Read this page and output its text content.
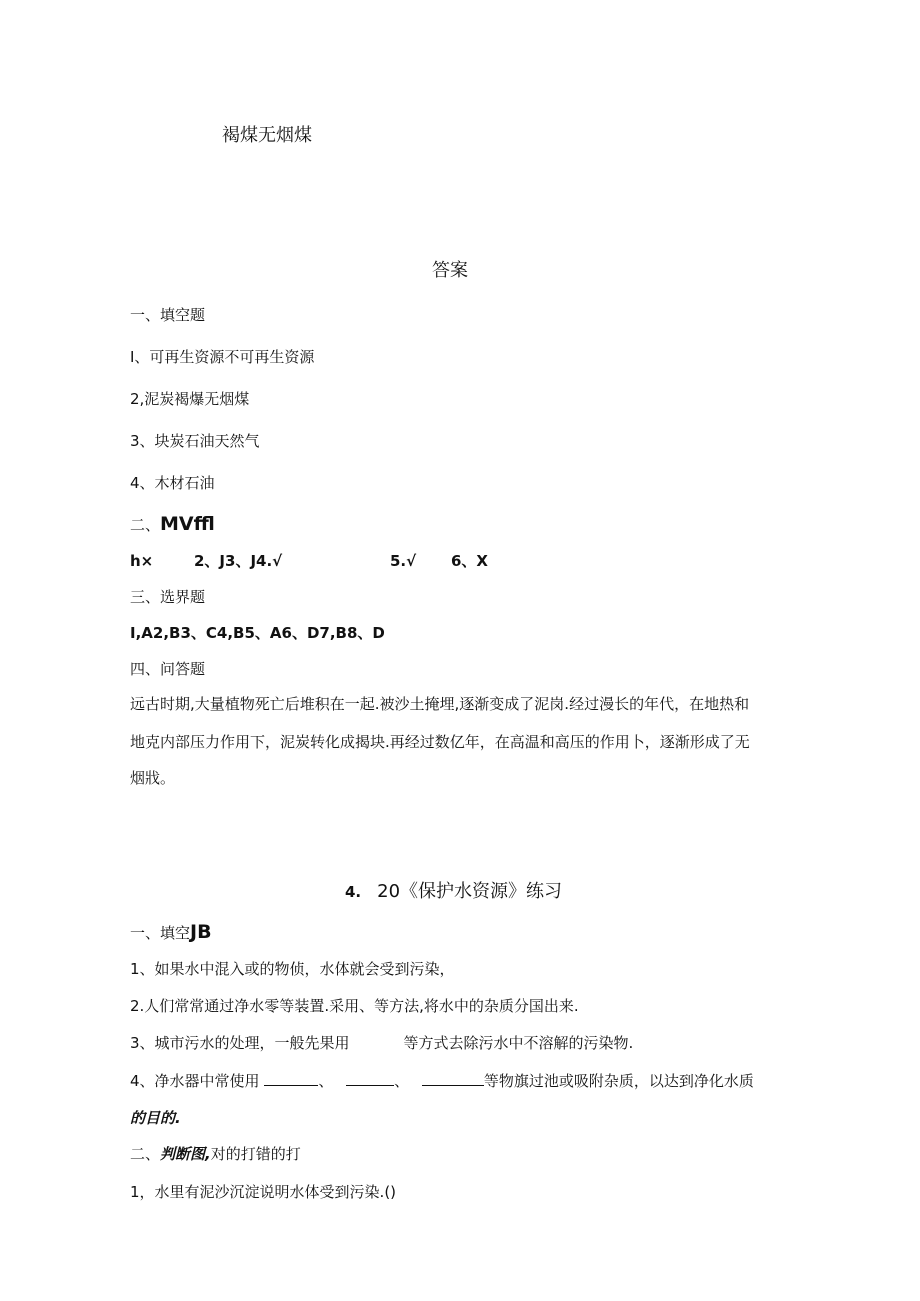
褐煤无烟煤
答案
一、填空题
I、可再生资源不可再生资源
2,泥炭褐爆无烟煤
3、块炭石油天然气
4、木材石油
二、MVffl
h×	2、J3、J4.√	5.√ 6、X
三、选界题
I,A2,B3、C4,B5、A6、D7,B8、D
四、问答题
远古时期,大量植物死亡后堆积在一起.被沙土掩埋,逐渐变成了泥岗.经过漫长的年代，在地热和
地克内部压力作用下，泥炭转化成揭块.再经过数亿年，在高温和高压的作用卜，逐渐形成了无
烟戕。
4. 20《保护水资源》练习
一、填空JB
1、如果水中混入或的物侦，水体就会受到污染，
2.人们常常通过净水零等装置.采用、等方法,将水中的杂质分国出来.
3、城市污水的处理，一般先果用	等方式去除污水中不溶解的污染物.
4、净水器中常使用	、	、	等物旗过池或吸附杂质，以达到净化水质
的目的.
二、判断图,对的打错的打
1，水里有泥沙沉淀说明水体受到污染.()
